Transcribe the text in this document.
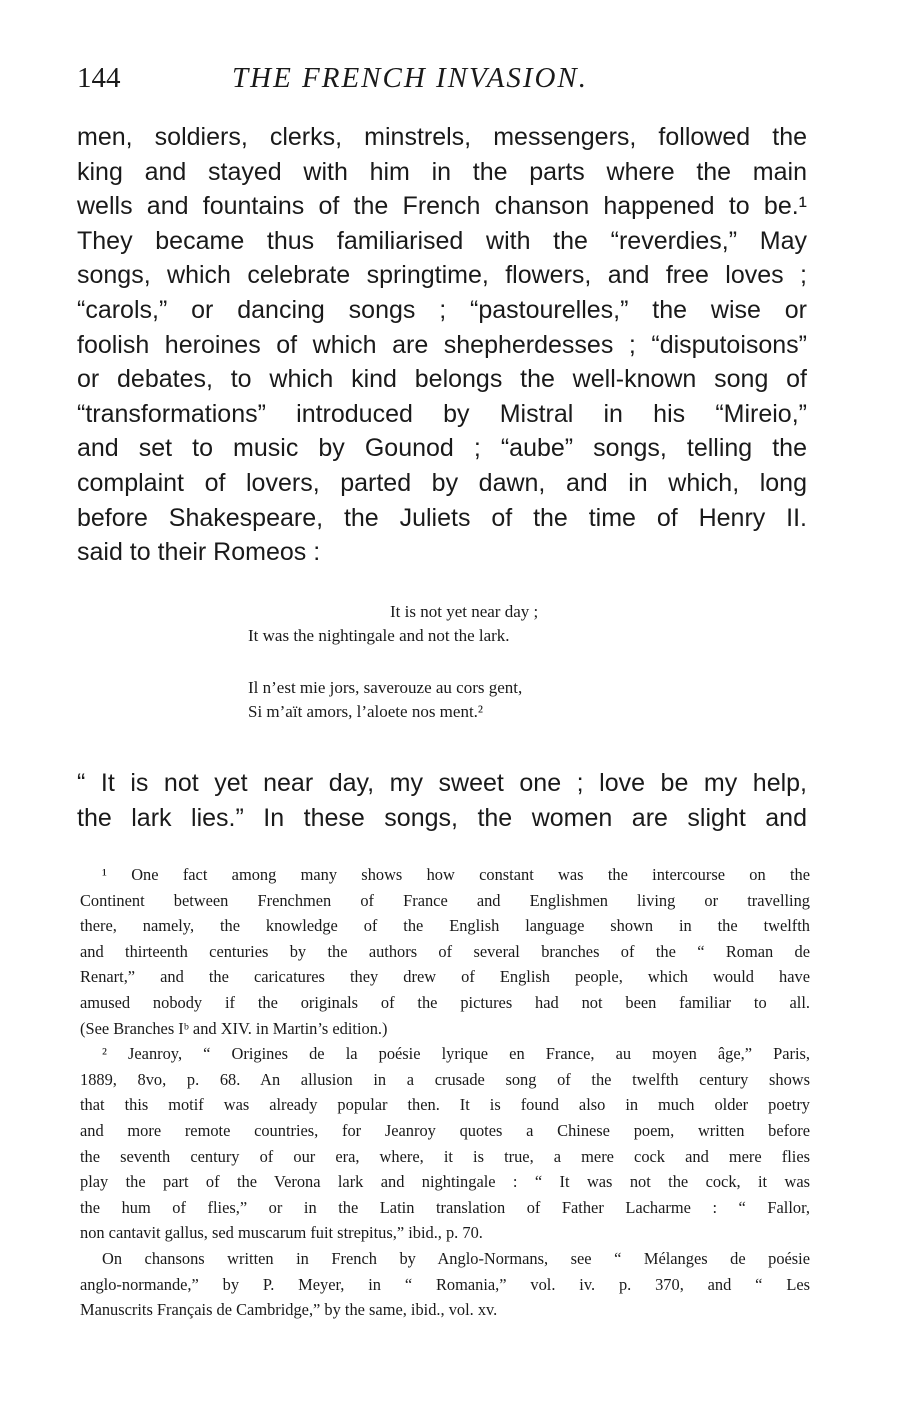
144	THE FRENCH INVASION.
men, soldiers, clerks, minstrels, messengers, followed the
king and stayed with him in the parts where the main
wells and fountains of the French chanson happened to be.¹
They became thus familiarised with the “reverdies,” May
songs, which celebrate springtime, flowers, and free loves ;
“carols,” or dancing songs ; “pastourelles,” the wise or
foolish heroines of which are shepherdesses ; “disputoisons”
or debates, to which kind belongs the well-known song of
“transformations” introduced by Mistral in his “Mireio,”
and set to music by Gounod ; “aube” songs, telling the
complaint of lovers, parted by dawn, and in which, long
before Shakespeare, the Juliets of the time of Henry II.
said to their Romeos :
It is not yet near day ;
It was the nightingale and not the lark.
Il n’est mie jors, saverouze au cors gent,
Si m’aït amors, l’aloete nos ment.²
“ It is not yet near day, my sweet one ; love be my help,
the lark lies.” In these songs, the women are slight and
¹ One fact among many shows how constant was the intercourse on the
Continent between Frenchmen of France and Englishmen living or travelling
there, namely, the knowledge of the English language shown in the twelfth
and thirteenth centuries by the authors of several branches of the “ Roman de
Renart,” and the caricatures they drew of English people, which would have
amused nobody if the originals of the pictures had not been familiar to all.
(See Branches Iᵇ and XIV. in Martin’s edition.)
² Jeanroy, “ Origines de la poésie lyrique en France, au moyen âge,” Paris,
1889, 8vo, p. 68. An allusion in a crusade song of the twelfth century shows
that this motif was already popular then. It is found also in much older poetry
and more remote countries, for Jeanroy quotes a Chinese poem, written before
the seventh century of our era, where, it is true, a mere cock and mere flies
play the part of the Verona lark and nightingale : “ It was not the cock, it was
the hum of flies,” or in the Latin translation of Father Lacharme : “ Fallor,
non cantavit gallus, sed muscarum fuit strepitus,” ibid., p. 70.
On chansons written in French by Anglo-Normans, see “ Mélanges de poésie
anglo-normande,” by P. Meyer, in “ Romania,” vol. iv. p. 370, and “ Les
Manuscrits Français de Cambridge,” by the same, ibid., vol. xv.
